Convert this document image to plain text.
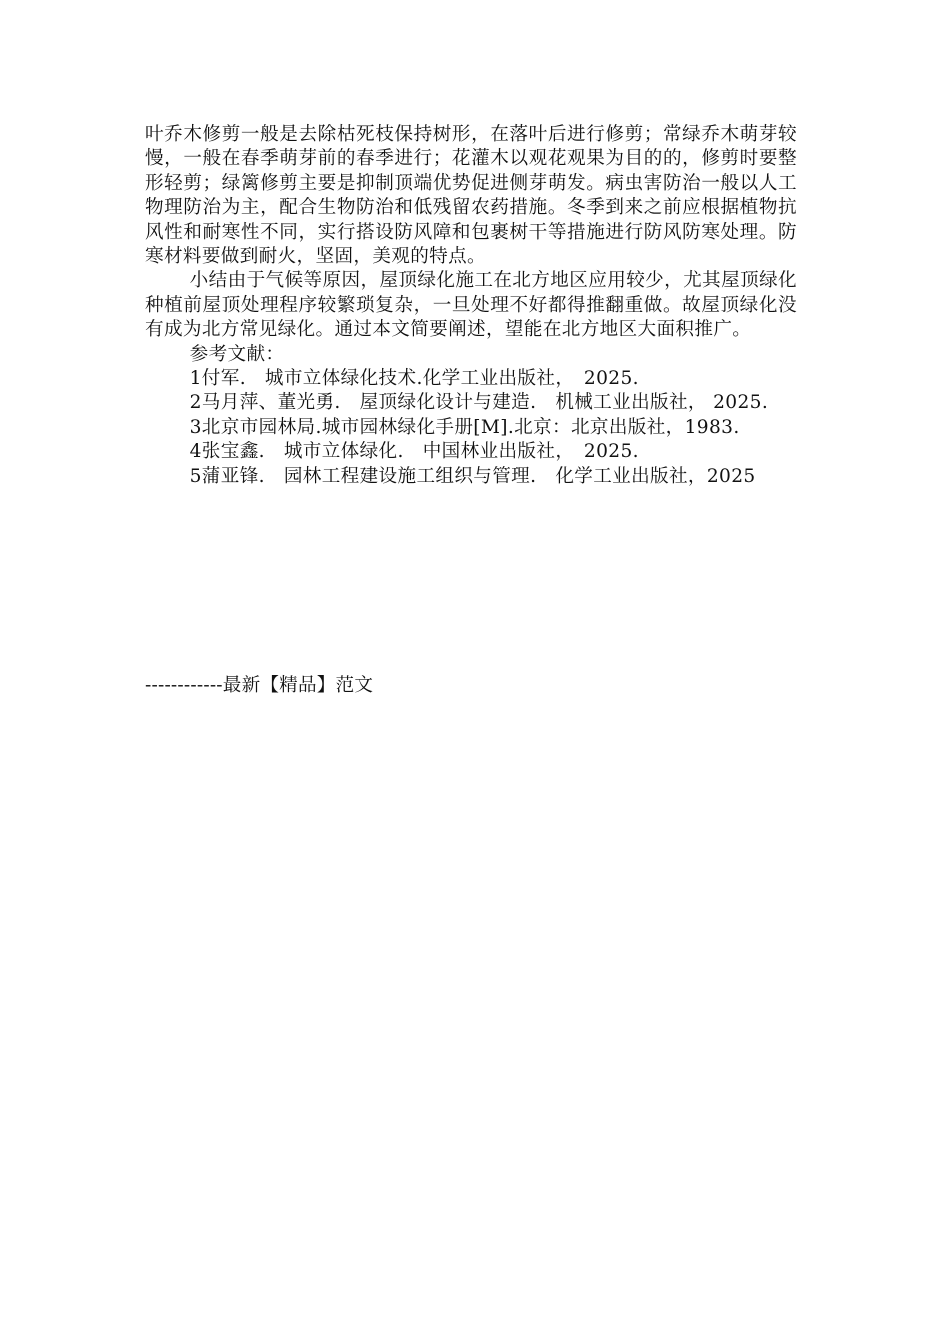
叶乔木修剪一般是去除枯死枝保持树形，在落叶后进行修剪；常绿乔木萌芽较慢，一般在春季萌芽前的春季进行；花灌木以观花观果为目的的，修剪时要整形轻剪；绿篱修剪主要是抑制顶端优势促进侧芽萌发。病虫害防治一般以人工物理防治为主，配合生物防治和低残留农药措施。冬季到来之前应根据植物抗风性和耐寒性不同，实行搭设防风障和包裹树干等措施进行防风防寒处理。防寒材料要做到耐火，坚固，美观的特点。

小结由于气候等原因，屋顶绿化施工在北方地区应用较少，尤其屋顶绿化种植前屋顶处理程序较繁琐复杂，一旦处理不好都得推翻重做。故屋顶绿化没有成为北方常见绿化。通过本文简要阐述，望能在北方地区大面积推广。

参考文献：

1付军.　城市立体绿化技术.化学工业出版社，　2025.

2马月萍、董光勇.　屋顶绿化设计与建造.　机械工业出版社， 2025.

3北京市园林局.城市园林绿化手册[M].北京：北京出版社，1983.

4张宝鑫.　城市立体绿化.　中国林业出版社，　2025.

5蒲亚锋.　园林工程建设施工组织与管理.　化学工业出版社，2025

------------最新【精品】范文
